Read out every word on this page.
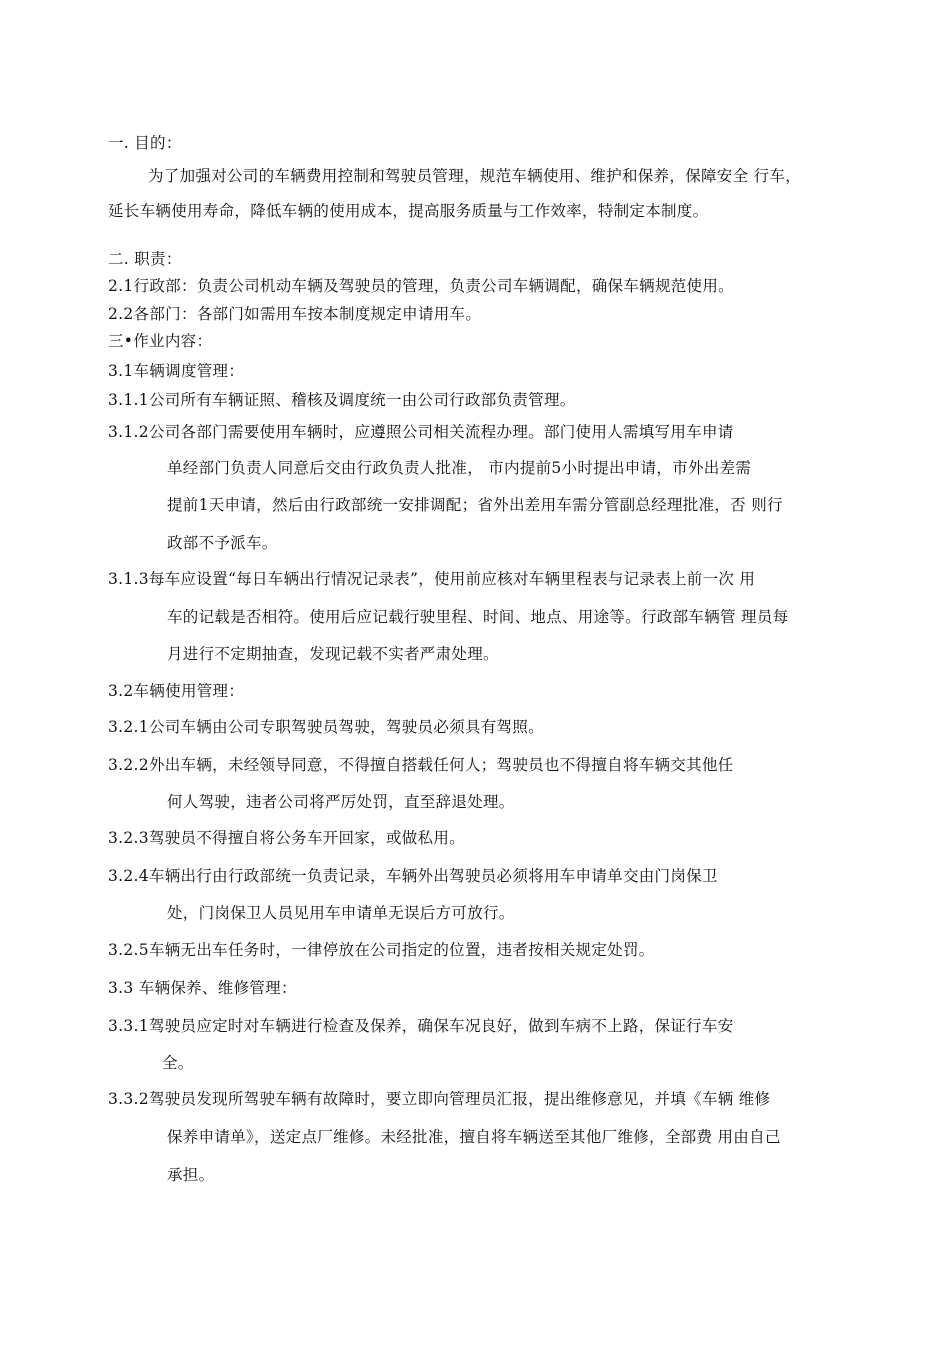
一. 目的：
为了加强对公司的车辆费用控制和驾驶员管理，规范车辆使用、维护和保养，保障安全 行车，
延长车辆使用寿命，降低车辆的使用成本，提高服务质量与工作效率，特制定本制度。
二. 职责：
2.1行政部：负责公司机动车辆及驾驶员的管理，负责公司车辆调配，确保车辆规范使用。
2.2各部门：各部门如需用车按本制度规定申请用车。
三•作业内容：
3.1车辆调度管理：
3.1.1公司所有车辆证照、稽核及调度统一由公司行政部负责管理。
3.1.2公司各部门需要使用车辆时，应遵照公司相关流程办理。部门使用人需填写用车申请
单经部门负责人同意后交由行政负责人批准， 市内提前5小时提出申请，市外出差需
提前1天申请，然后由行政部统一安排调配；省外出差用车需分管副总经理批准，否 则行
政部不予派车。
3.1.3每车应设置“每日车辆出行情况记录表”，使用前应核对车辆里程表与记录表上前一次 用
车的记载是否相符。使用后应记载行驶里程、时间、地点、用途等。行政部车辆管 理员每
月进行不定期抽查，发现记载不实者严肃处理。
3.2车辆使用管理：
3.2.1公司车辆由公司专职驾驶员驾驶，驾驶员必须具有驾照。
3.2.2外出车辆，未经领导同意，不得擅自搭载任何人；驾驶员也不得擅自将车辆交其他任
何人驾驶，违者公司将严厉处罚，直至辞退处理。
3.2.3驾驶员不得擅自将公务车开回家，或做私用。
3.2.4车辆出行由行政部统一负责记录，车辆外出驾驶员必须将用车申请单交由门岗保卫
处，门岗保卫人员见用车申请单无误后方可放行。
3.2.5车辆无出车任务时，一律停放在公司指定的位置，违者按相关规定处罚。
3.3 车辆保养、维修管理：
3.3.1驾驶员应定时对车辆进行检查及保养，确保车况良好，做到车病不上路，保证行车安
全。
3.3.2驾驶员发现所驾驶车辆有故障时，要立即向管理员汇报，提出维修意见，并填《车辆 维修
保养申请单》，送定点厂维修。未经批准，擅自将车辆送至其他厂维修，全部费 用由自己
承担。
